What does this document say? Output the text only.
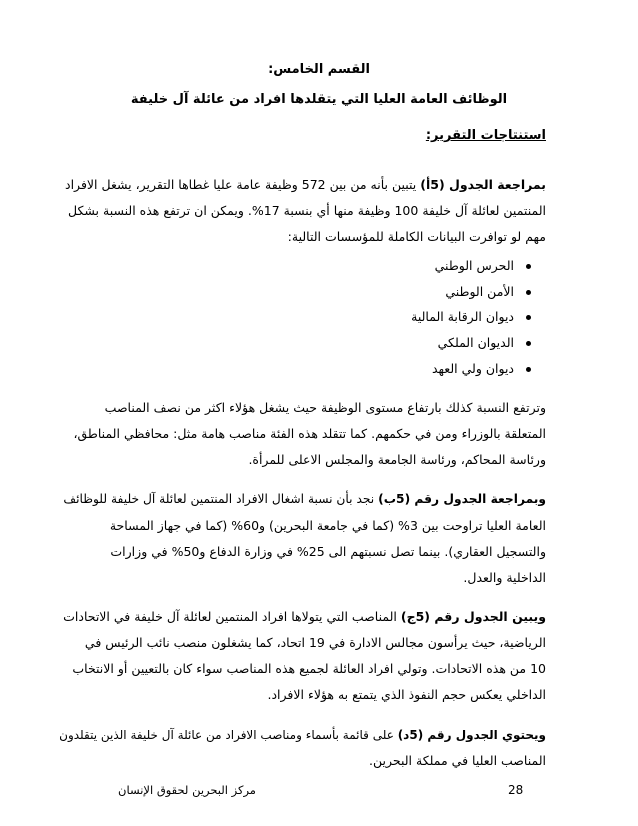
القسم الخامس:
الوظائف العامة العليا التي يتقلدها افراد من عائلة آل خليفة
استنتاجات التقرير:
بمراجعة الجدول (5أ) يتبين بأنه من بين 572 وظيفة عامة عليا غطاها التقرير، يشغل الافراد
المنتمين لعائلة آل خليفة 100 وظيفة منها أي بنسبة 17%. ويمكن ان ترتفع هذه النسبة بشكل
مهم لو توافرت البيانات الكاملة للمؤسسات التالية:
الحرس الوطني
الأمن الوطني
ديوان الرقابة المالية
الديوان الملكي
ديوان ولي العهد
وترتفع النسبة كذلك بارتفاع مستوى الوظيفة حيث يشغل هؤلاء اكثر من نصف المناصب
المتعلقة بالوزراء ومن في حكمهم. كما تتقلد هذه الفئة مناصب هامة مثل: محافظي المناطق،
ورئاسة المحاكم، ورئاسة الجامعة والمجلس الاعلى للمرأة.
وبمراجعة الجدول رقم (5ب) نجد بأن نسبة اشغال الافراد المنتمين لعائلة آل خليفة للوظائف
العامة العليا تراوحت بين 3% (كما في جامعة البحرين) و60% (كما في جهاز المساحة
والتسجيل العقاري). بينما تصل نسبتهم الى 25% في وزارة الدفاع و50% في وزارات
الداخلية والعدل.
ويبين الجدول رقم (5ج) المناصب التي يتولاها افراد المنتمين لعائلة آل خليفة في الاتحادات
الرياضية، حيث يرأسون مجالس الادارة في 19 اتحاد، كما يشغلون منصب نائب الرئيس في
10 من هذه الاتحادات. وتولي افراد العائلة لجميع هذه المناصب سواء كان بالتعيين أو الانتخاب
الداخلي يعكس حجم النفوذ الذي يتمتع به هؤلاء الافراد.
ويحتوي الجدول رقم (5د) على قائمة بأسماء ومناصب الافراد من عائلة آل خليفة الذين يتقلدون
المناصب العليا في مملكة البحرين.
28
مركز البحرين لحقوق الإنسان
